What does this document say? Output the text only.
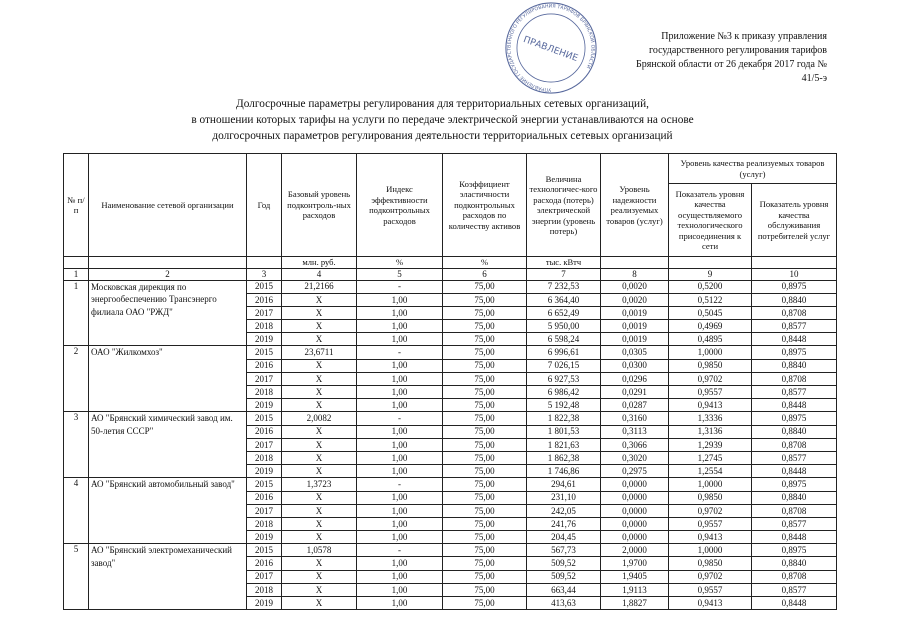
Приложение №3 к приказу управления
государственного регулирования тарифов
Брянской области от 26 декабря 2017 года №
41/5-э
УПРАВЛЕНИЕ ГОСУДАРСТВЕННОГО РЕГУЛИРОВАНИЯ ТАРИФОВ БРЯНСКОЙ ОБЛАСТИ
ПРАВЛЕНИЕ
Долгосрочные параметры регулирования для территориальных сетевых организаций,
в отношении которых тарифы на услуги по передаче электрической энергии устанавливаются на основе
долгосрочных параметров регулирования деятельности территориальных сетевых организаций
№ п/п	Наименование сетевой организации	Год	Базовый уровень подконтроль-ных расходов	Индекс эффективности подконтрольных расходов	Коэффициент эластичности подконтрольных расходов по количеству активов	Величина технологичес-кого расхода (потерь) электрической энергии (уровень потерь)	Уровень надежности реализуемых товаров (услуг)	Уровень качества реализуемых товаров (услуг)	
								Показатель уровня качества осуществляемого технологического присоединения к сети	Показатель уровня качества обслуживания потребителей услуг
			млн. руб.	%	%	тыс. кВтч			
1	2	3	4	5	6	7	8	9	10
1	Московская дирекция по энергообеспечению Трансэнерго филиала ОАО "РЖД"	2015	21,2166	-	75,00	7 232,53	0,0020	0,5200	0,8975
		2016	X	1,00	75,00	6 364,40	0,0020	0,5122	0,8840
		2017	X	1,00	75,00	6 652,49	0,0019	0,5045	0,8708
		2018	X	1,00	75,00	5 950,00	0,0019	0,4969	0,8577
		2019	X	1,00	75,00	6 598,24	0,0019	0,4895	0,8448
2	ОАО "Жилкомхоз"	2015	23,6711	-	75,00	6 996,61	0,0305	1,0000	0,8975
		2016	X	1,00	75,00	7 026,15	0,0300	0,9850	0,8840
		2017	X	1,00	75,00	6 927,53	0,0296	0,9702	0,8708
		2018	X	1,00	75,00	6 986,42	0,0291	0,9557	0,8577
		2019	X	1,00	75,00	5 192,48	0,0287	0,9413	0,8448
3	АО "Брянский химический завод им. 50-летия СССР"	2015	2,0082	-	75,00	1 822,38	0,3160	1,3336	0,8975
		2016	X	1,00	75,00	1 801,53	0,3113	1,3136	0,8840
		2017	X	1,00	75,00	1 821,63	0,3066	1,2939	0,8708
		2018	X	1,00	75,00	1 862,38	0,3020	1,2745	0,8577
		2019	X	1,00	75,00	1 746,86	0,2975	1,2554	0,8448
4	АО "Брянский автомобильный завод"	2015	1,3723	-	75,00	294,61	0,0000	1,0000	0,8975
		2016	X	1,00	75,00	231,10	0,0000	0,9850	0,8840
		2017	X	1,00	75,00	242,05	0,0000	0,9702	0,8708
		2018	X	1,00	75,00	241,76	0,0000	0,9557	0,8577
		2019	X	1,00	75,00	204,45	0,0000	0,9413	0,8448
5	АО "Брянский электромеханический завод"	2015	1,0578	-	75,00	567,73	2,0000	1,0000	0,8975
		2016	X	1,00	75,00	509,52	1,9700	0,9850	0,8840
		2017	X	1,00	75,00	509,52	1,9405	0,9702	0,8708
		2018	X	1,00	75,00	663,44	1,9113	0,9557	0,8577
		2019	X	1,00	75,00	413,63	1,8827	0,9413	0,8448
